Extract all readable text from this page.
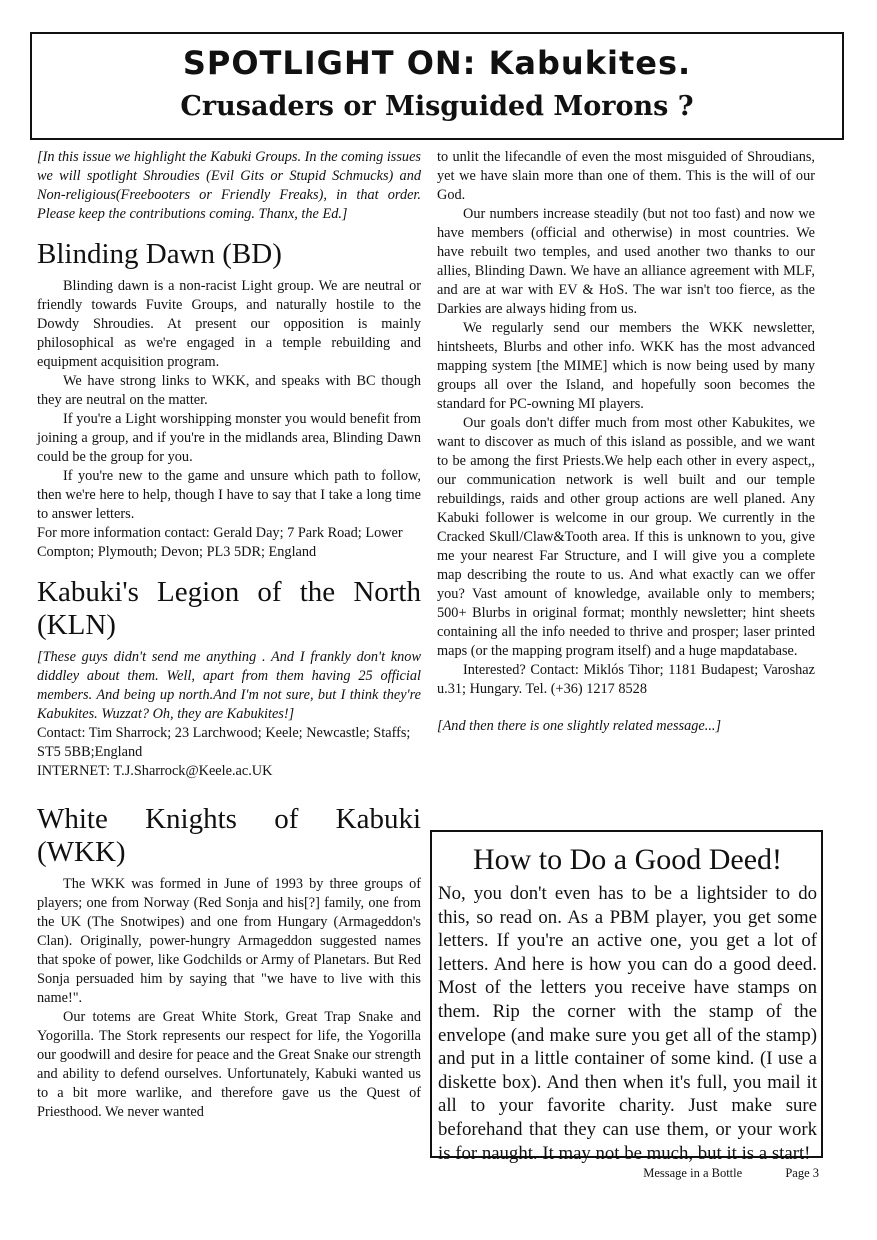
SPOTLIGHT ON: Kabukites.
Crusaders or Misguided Morons ?

[In this issue we highlight the Kabuki Groups. In the coming issues we will spotlight Shroudies (Evil Gits or Stupid Schmucks) and Non-religious(Freebooters or Friendly Freaks), in that order. Please keep the contributions coming. Thanx, the Ed.]

Blinding Dawn (BD)

Blinding dawn is a non-racist Light group. We are neutral or friendly towards Fuvite Groups, and naturally hostile to the Dowdy Shroudies. At present our opposition is mainly philosophical as we're engaged in a temple rebuilding and equipment acquisition program.

We have strong links to WKK, and speaks with BC though they are neutral on the matter.

If you're a Light worshipping monster you would benefit from joining a group, and if you're in the midlands area, Blinding Dawn could be the group for you.

If you're new to the game and unsure which path to follow, then we're here to help, though I have to say that I take a long time to answer letters.

For more information contact: Gerald Day; 7 Park Road; Lower Compton; Plymouth; Devon; PL3 5DR; England

Kabuki's Legion of the North (KLN)

[These guys didn't send me anything . And I frankly don't know diddley about them. Well, apart from them having 25 official members. And being up north.And I'm not sure, but I think they're Kabukites. Wuzzat? Oh, they are Kabukites!]

Contact: Tim Sharrock; 23 Larchwood; Keele; Newcastle; Staffs; ST5 5BB;England

INTERNET: T.J.Sharrock@Keele.ac.UK

White Knights of Kabuki (WKK)

The WKK was formed in June of 1993 by three groups of players; one from Norway (Red Sonja and his[?] family, one from the UK (The Snotwipes) and one from Hungary (Armageddon's Clan). Originally, power-hungry Armageddon suggested names that spoke of power, like Godchilds or Army of Planetars. But Red Sonja persuaded him by saying that "we have to live with this name!".

Our totems are Great White Stork, Great Trap Snake and Yogorilla. The Stork represents our respect for life, the Yogorilla our goodwill and desire for peace and the Great Snake our strength and ability to defend ourselves. Unfortunately, Kabuki wanted us to a bit more warlike, and therefore gave us the Quest of Priesthood. We never wanted

to unlit the lifecandle of even the most misguided of Shroudians, yet we have slain more than one of them. This is the will of our God.

Our numbers increase steadily (but not too fast) and now we have members (official and otherwise) in most countries. We have rebuilt two temples, and used another two thanks to our allies, Blinding Dawn. We have an alliance agreement with MLF, and are at war with EV & HoS. The war isn't too fierce, as the Darkies are always hiding from us.

We regularly send our members the WKK newsletter, hintsheets, Blurbs and other info. WKK has the most advanced mapping system [the MIME] which is now being used by many groups all over the Island, and hopefully soon becomes the standard for PC-owning MI players.

Our goals don't differ much from most other Kabukites, we want to discover as much of this island as possible, and we want to be among the first Priests.We help each other in every aspect,, our communication network is well built and our temple rebuildings, raids and other group actions are well planed. Any Kabuki follower is welcome in our group. We currently in the Cracked Skull/Claw&Tooth area. If this is unknown to you, give me your nearest Far Structure, and I will give you a complete map describing the route to us. And what exactly can we offer you? Vast amount of knowledge, available only to members; 500+ Blurbs in original format; monthly newsletter; hint sheets containing all the info needed to thrive and prosper; laser printed maps (or the mapping program itself) and a huge mapdatabase.

Interested? Contact: Miklós Tihor; 1181 Budapest; Varoshaz u.31; Hungary. Tel. (+36) 1217 8528

[And then there is one slightly related message...]

How to Do a Good Deed!

No, you don't even has to be a lightsider to do this, so read on. As a PBM player, you get some letters. If you're an active one, you get a lot of letters. And here is how you can do a good deed. Most of the letters you receive have stamps on them. Rip the corner with the stamp of the envelope (and make sure you get all of the stamp) and put in a little container of some kind. (I use a diskette box). And then when it's full, you mail it all to your favorite charity. Just make sure beforehand that they can use them, or your work is for naught. It may not be much, but it is a start!

Message in a Bottle	Page 3
